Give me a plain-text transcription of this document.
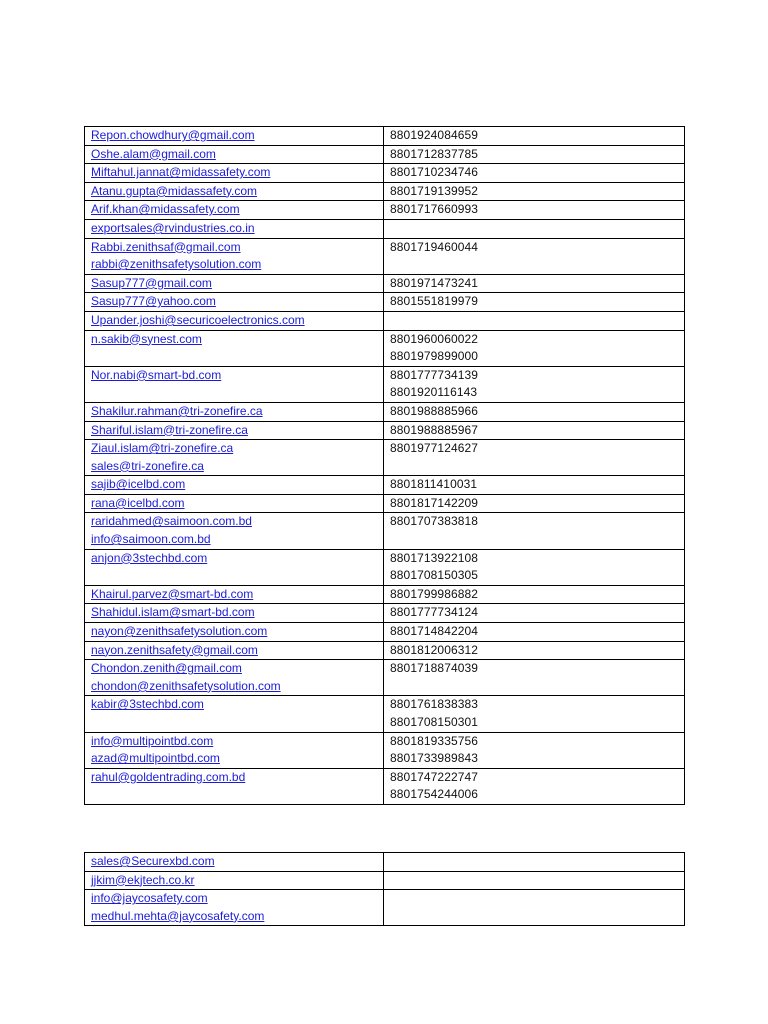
Repon.chowdhury@gmail.com	8801924084659

Oshe.alam@gmail.com	8801712837785

Miftahul.jannat@midassafety.com	8801710234746

Atanu.gupta@midassafety.com	8801719139952

Arif.khan@midassafety.com	8801717660993

exportsales@rvindustries.co.in	

Rabbi.zenithsaf@gmail.com
rabbi@zenithsafetysolution.com	8801719460044

Sasup777@gmail.com	8801971473241

Sasup777@yahoo.com	8801551819979

Upander.joshi@securicoelectronics.com	

n.sakib@synest.com	8801960060022
8801979899000

Nor.nabi@smart-bd.com	8801777734139
8801920116143

Shakilur.rahman@tri-zonefire.ca	8801988885966

Shariful.islam@tri-zonefire.ca	8801988885967

Ziaul.islam@tri-zonefire.ca
sales@tri-zonefire.ca	8801977124627

sajib@icelbd.com	8801811410031

rana@icelbd.com	8801817142209

raridahmed@saimoon.com.bd
info@saimoon.com.bd	8801707383818

anjon@3stechbd.com	8801713922108
8801708150305

Khairul.parvez@smart-bd.com	8801799986882

Shahidul.islam@smart-bd.com	8801777734124

nayon@zenithsafetysolution.com	8801714842204

nayon.zenithsafety@gmail.com	8801812006312

Chondon.zenith@gmail.com
chondon@zenithsafetysolution.com	8801718874039

kabir@3stechbd.com	8801761838383
8801708150301

info@multipointbd.com
azad@multipointbd.com	8801819335756
8801733989843

rahul@goldentrading.com.bd	8801747222747
8801754244006
sales@Securexbd.com	

jjkim@ekjtech.co.kr	

info@jaycosafety.com
medhul.mehta@jaycosafety.com	
